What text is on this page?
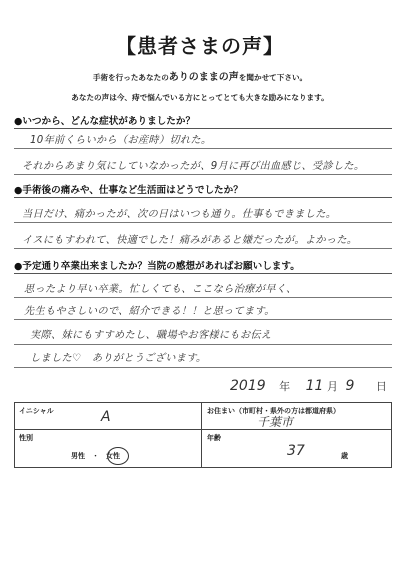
【患者さまの声】
手術を行ったあなたのありのままの声を聞かせて下さい。
あなたの声は今、痔で悩んでいる方にとってとても大きな励みになります。
●いつから、どんな症状がありましたか？
10年前くらいから（お産時）切れた。
それからあまり気にしていなかったが、9月に再び出血感じ、受診した。
●手術後の痛みや、仕事など生活面はどうでしたか？
当日だけ、痛かったが、次の日はいつも通り。仕事もできました。
イスにもすわれて、快適でした！痛みがあると嫌だったが。よかった。
●予定通り卒業出来ましたか？当院の感想があればお願いします。
思ったより早い卒業。忙しくても、ここなら治療が早く、
先生もやさしいので、紹介できる！！と思ってます。
実際、妹にもすすめたし、職場やお客様にもお伝え
しました♡　ありがとうございます。
2019 年 11 月 9 日
イニシャル	A	お住まい（市町村・県外の方は都道府県）
千葉市
性別
男性　・　女性
年齢
37	歳
